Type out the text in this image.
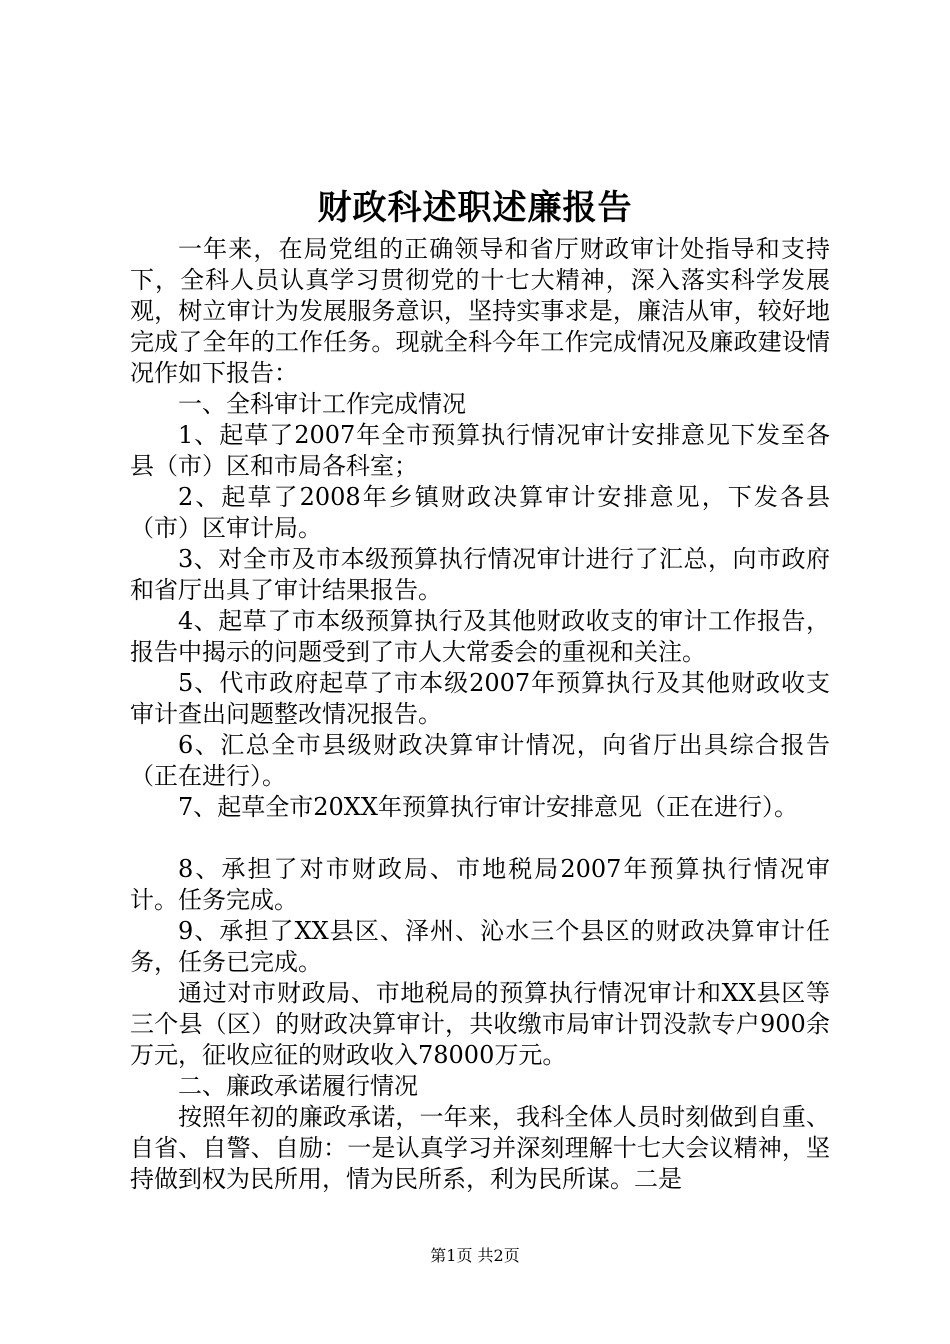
财政科述职述廉报告

一年来，在局党组的正确领导和省厅财政审计处指导和支持下，全科人员认真学习贯彻党的十七大精神，深入落实科学发展观，树立审计为发展服务意识，坚持实事求是，廉洁从审，较好地完成了全年的工作任务。现就全科今年工作完成情况及廉政建设情况作如下报告：

一、全科审计工作完成情况

1、起草了2007年全市预算执行情况审计安排意见下发至各县（市）区和市局各科室；

2、起草了2008年乡镇财政决算审计安排意见，下发各县（市）区审计局。

3、对全市及市本级预算执行情况审计进行了汇总，向市政府和省厅出具了审计结果报告。

4、起草了市本级预算执行及其他财政收支的审计工作报告，报告中揭示的问题受到了市人大常委会的重视和关注。

5、代市政府起草了市本级2007年预算执行及其他财政收支审计查出问题整改情况报告。

6、汇总全市县级财政决算审计情况，向省厅出具综合报告（正在进行）。

7、起草全市20XX年预算执行审计安排意见（正在进行）。

8、承担了对市财政局、市地税局2007年预算执行情况审计。任务完成。

9、承担了XX县区、泽州、沁水三个县区的财政决算审计任务，任务已完成。

通过对市财政局、市地税局的预算执行情况审计和XX县区等三个县（区）的财政决算审计，共收缴市局审计罚没款专户900余万元，征收应征的财政收入78000万元。

二、廉政承诺履行情况

按照年初的廉政承诺，一年来，我科全体人员时刻做到自重、自省、自警、自励：一是认真学习并深刻理解十七大会议精神，坚持做到权为民所用，情为民所系，利为民所谋。二是

第1页 共2页
